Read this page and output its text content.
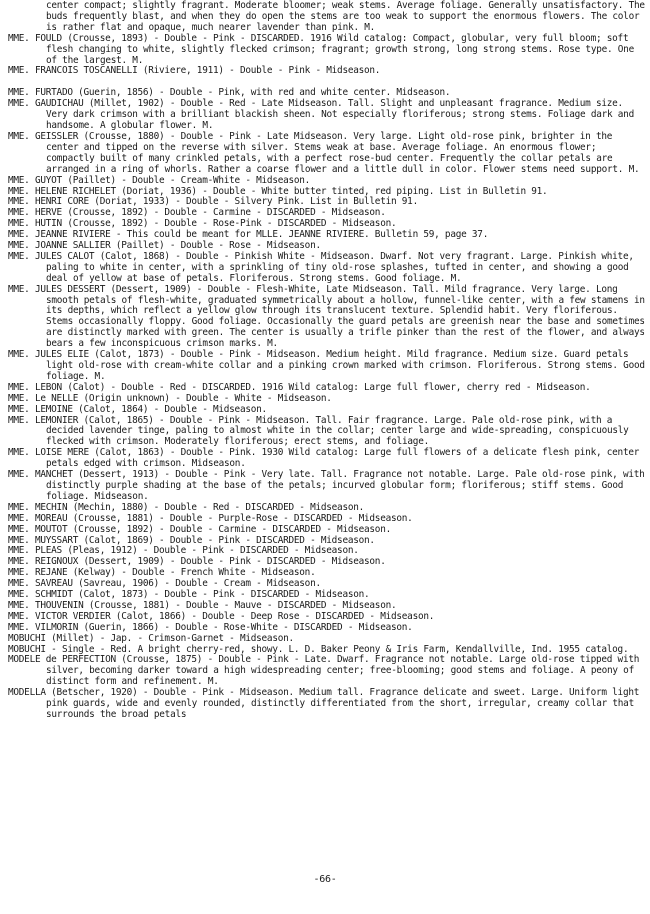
center compact; slightly fragrant. Moderate bloomer; weak stems. Average foliage. Generally unsatisfactory. The buds frequently blast, and when they do open the stems are too weak to support the enormous flowers. The color is rather flat and opaque, much nearer lavender than pink. M.

MME. FOULD (Crousse, 1893) - Double - Pink - DISCARDED. 1916 Wild catalog: Compact, globular, very full bloom; soft flesh changing to white, slightly flecked crimson; fragrant; growth strong, long strong stems. Rose type. One of the largest. M.

MME. FRANCOIS TOSCANELLI (Riviere, 1911) - Double - Pink - Midseason.

MME. FURTADO (Guerin, 1856) - Double - Pink, with red and white center. Midseason.

MME. GAUDICHAU (Millet, 1902) - Double - Red - Late Midseason. Tall. Slight and unpleasant fragrance. Medium size. Very dark crimson with a brilliant blackish sheen. Not especially floriferous; strong stems. Foliage dark and handsome. A globular flower. M.

MME. GEISSLER (Crousse, 1880) - Double - Pink - Late Midseason. Very large. Light old-rose pink, brighter in the center and tipped on the reverse with silver. Stems weak at base. Average foliage. An enormous flower; compactly built of many crinkled petals, with a perfect rose-bud center. Frequently the collar petals are arranged in a ring of whorls. Rather a coarse flower and a little dull in color. Flower stems need support. M.

MME. GUYOT (Paillet) - Double - Cream-White - Midseason.

MME. HELENE RICHELET (Doriat, 1936) - Double - White butter tinted, red piping. List in Bulletin 91.

MME. HENRI CORE (Doriat, 1933) - Double - Silvery Pink. List in Bulletin 91.

MME. HERVE (Crousse, 1892) - Double - Carmine - DISCARDED - Midseason.

MME. HUTIN (Crousse, 1892) - Double - Rose-Pink - DISCARDED - Midseason.

MME. JEANNE RIVIERE - This could be meant for MLLE. JEANNE RIVIERE. Bulletin 59, page 37.

MME. JOANNE SALLIER (Paillet) - Double - Rose - Midseason.

MME. JULES CALOT (Calot, 1868) - Double - Pinkish White - Midseason. Dwarf. Not very fragrant. Large. Pinkish white, paling to white in center, with a sprinkling of tiny old-rose splashes, tufted in center, and showing a good deal of yellow at base of petals. Floriferous. Strong stems. Good foliage. M.

MME. JULES DESSERT (Dessert, 1909) - Double - Flesh-White, Late Midseason. Tall. Mild fragrance. Very large. Long smooth petals of flesh-white, graduated symmetrically about a hollow, funnel-like center, with a few stamens in its depths, which reflect a yellow glow through its translucent texture. Splendid habit. Very floriferous. Stems occasionally floppy. Good foliage. Occasionally the guard petals are greenish near the base and sometimes are distinctly marked with green. The center is usually a trifle pinker than the rest of the flower, and always bears a few inconspicuous crimson marks. M.

MME. JULES ELIE (Calot, 1873) - Double - Pink - Midseason. Medium height. Mild fragrance. Medium size. Guard petals light old-rose with cream-white collar and a pinking crown marked with crimson. Floriferous. Strong stems. Good foliage. M.

MME. LEBON (Calot) - Double - Red - DISCARDED. 1916 Wild catalog: Large full flower, cherry red - Midseason.

MME. Le NELLE (Origin unknown) - Double - White - Midseason.

MME. LEMOINE (Calot, 1864) - Double - Midseason.

MME. LEMONIER (Calot, 1865) - Double - Pink - Midseason. Tall. Fair fragrance. Large. Pale old-rose pink, with a decided lavender tinge, paling to almost white in the collar; center large and wide-spreading, conspicuously flecked with crimson. Moderately floriferous; erect stems, and foliage.

MME. LOISE MERE (Calot, 1863) - Double - Pink. 1930 Wild catalog: Large full flowers of a delicate flesh pink, center petals edged with crimson. Midseason.

MME. MANCHET (Dessert, 1913) - Double - Pink - Very late. Tall. Fragrance not notable. Large. Pale old-rose pink, with distinctly purple shading at the base of the petals; incurved globular form; floriferous; stiff stems. Good foliage. Midseason.

MME. MECHIN (Mechin, 1880) - Double - Red - DISCARDED - Midseason.

MME. MOREAU (Crousse, 1881) - Double - Purple-Rose - DISCARDED - Midseason.

MME. MOUTOT (Crousse, 1892) - Double - Carmine - DISCARDED - Midseason.

MME. MUYSSART (Calot, 1869) - Double - Pink - DISCARDED - Midseason.

MME. PLEAS (Pleas, 1912) - Double - Pink - DISCARDED - Midseason.

MME. REIGNOUX (Dessert, 1909) - Double - Pink - DISCARDED - Midseason.

MME. REJANE (Kelway) - Double - French White - Midseason.

MME. SAVREAU (Savreau, 1906) - Double - Cream - Midseason.

MME. SCHMIDT (Calot, 1873) - Double - Pink - DISCARDED - Midseason.

MME. THOUVENIN (Crousse, 1881) - Double - Mauve - DISCARDED - Midseason.

MME. VICTOR VERDIER (Calot, 1866) - Double - Deep Rose - DISCARDED - Midseason.

MME. VILMORIN (Guerin, 1866) - Double - Rose-White - DISCARDED - Midseason.

MOBUCHI (Millet) - Jap. - Crimson-Garnet - Midseason.

MOBUCHI - Single - Red. A bright cherry-red, showy. L. D. Baker Peony & Iris Farm, Kendallville, Ind. 1955 catalog.

MODELE de PERFECTION (Crousse, 1875) - Double - Pink - Late. Dwarf. Fragrance not notable. Large old-rose tipped with silver, becoming darker toward a high widespreading center; free-blooming; good stems and foliage. A peony of distinct form and refinement. M.

MODELLA (Betscher, 1920) - Double - Pink - Midseason. Medium tall. Fragrance delicate and sweet. Large. Uniform light pink guards, wide and evenly rounded, distinctly differentiated from the short, irregular, creamy collar that surrounds the broad petals

-66-
